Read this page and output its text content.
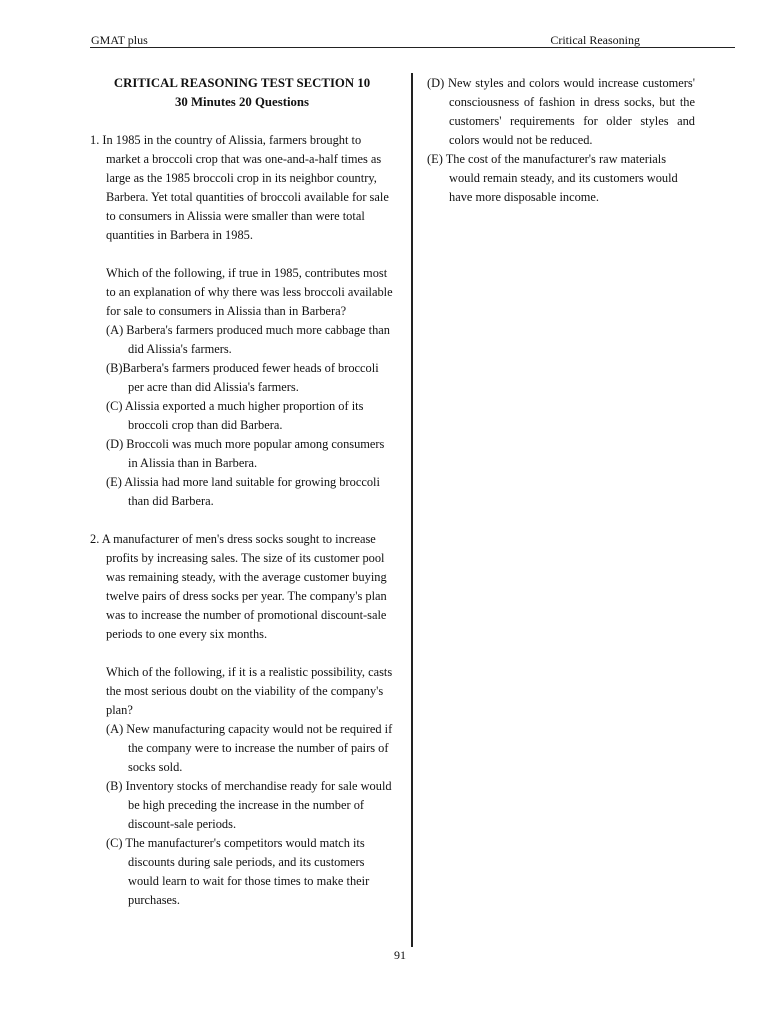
GMAT plus	Critical Reasoning

CRITICAL REASONING TEST SECTION 10

30 Minutes 20 Questions

1. In 1985 in the country of Alissia, farmers brought to market a broccoli crop that was one-and-a-half times as large as the 1985 broccoli crop in its neighbor country, Barbera. Yet total quantities of broccoli available for sale to consumers in Alissia were smaller than were total quantities in Barbera in 1985.

Which of the following, if true in 1985, contributes most to an explanation of why there was less broccoli available for sale to consumers in Alissia than in Barbera?

(A) Barbera's farmers produced much more cabbage than did Alissia's farmers.

(B)Barbera's farmers produced fewer heads of broccoli per acre than did Alissia's farmers.

(C) Alissia exported a much higher proportion of its broccoli crop than did Barbera.

(D) Broccoli was much more popular among consumers in Alissia than in Barbera.

(E) Alissia had more land suitable for growing broccoli than did Barbera.

2. A manufacturer of men's dress socks sought to increase profits by increasing sales. The size of its customer pool was remaining steady, with the average customer buying twelve pairs of dress socks per year. The company's plan was to increase the number of promotional discount-sale periods to one every six months.

Which of the following, if it is a realistic possibility, casts the most serious doubt on the viability of the company's plan?

(A) New manufacturing capacity would not be required if the company were to increase the number of pairs of socks sold.

(B) Inventory stocks of merchandise ready for sale would be high preceding the increase in the number of discount-sale periods.

(C) The manufacturer's competitors would match its discounts during sale periods, and its customers would learn to wait for those times to make their purchases.

(D) New styles and colors would increase customers' consciousness of fashion in dress socks, but the customers' requirements for older styles and colors would not be reduced.

(E) The cost of the manufacturer's raw materials would remain steady, and its customers would have more disposable income.

91
